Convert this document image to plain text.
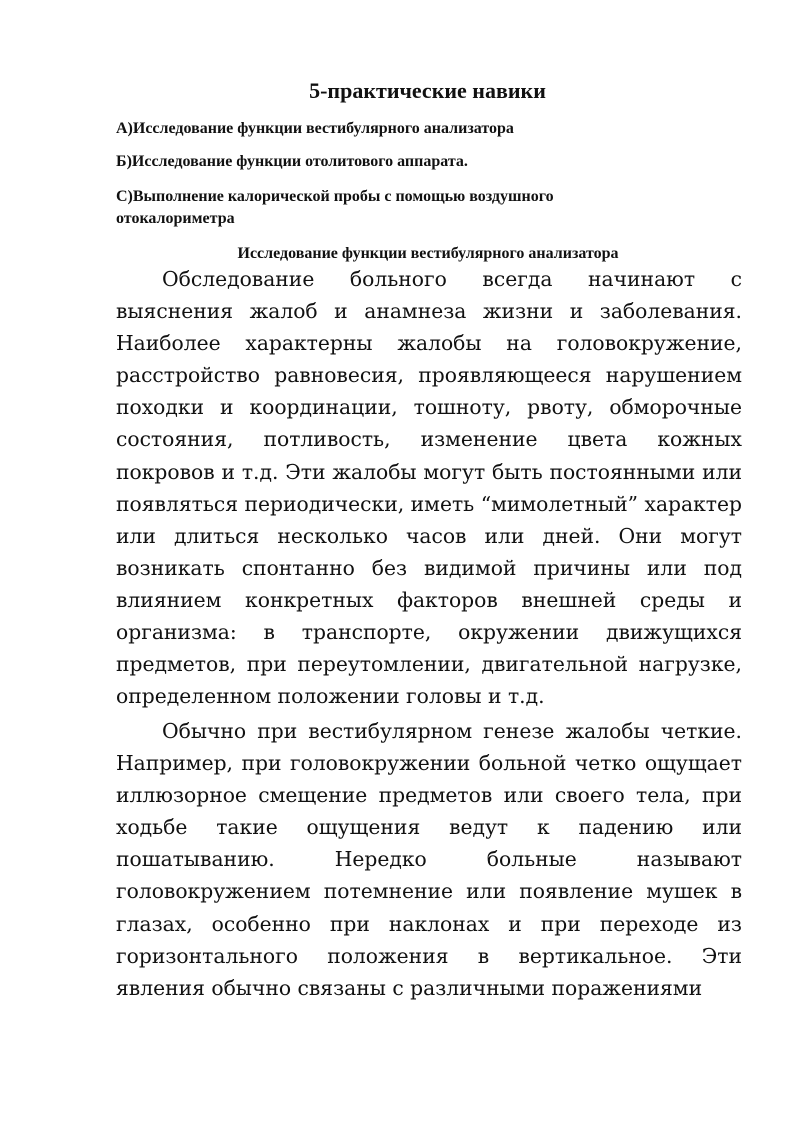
5-практические навики
А)Исследование функции вестибулярного анализатора
Б)Исследование функции отолитового аппарата.
С)Выполнение калорической пробы с помощью воздушного отокалориметра
Исследование функции вестибулярного анализатора

Обследование больного всегда начинают с выяснения жалоб и анамнеза жизни и заболевания. Наиболее характерны жалобы на головокружение, расстройство равновесия, проявляющееся нарушением походки и координации, тошноту, рвоту, обморочные состояния, потливость, изменение цвета кожных покровов и т.д. Эти жалобы могут быть постоянными или появляться периодически, иметь “мимолетный” характер или длиться несколько часов или дней. Они могут возникать спонтанно без видимой причины или под влиянием конкретных факторов внешней среды и организма: в транспорте, окружении движущихся предметов, при переутомлении, двигательной нагрузке, определенном положении головы и т.д.

Обычно при вестибулярном генезе жалобы четкие. Например, при головокружении больной четко ощущает иллюзорное смещение предметов или своего тела, при ходьбе такие ощущения ведут к падению или пошатыванию. Нередко больные называют головокружением потемнение или появление мушек в глазах, особенно при наклонах и при переходе из горизонтального положения в вертикальное. Эти явления обычно связаны с различными поражениями
